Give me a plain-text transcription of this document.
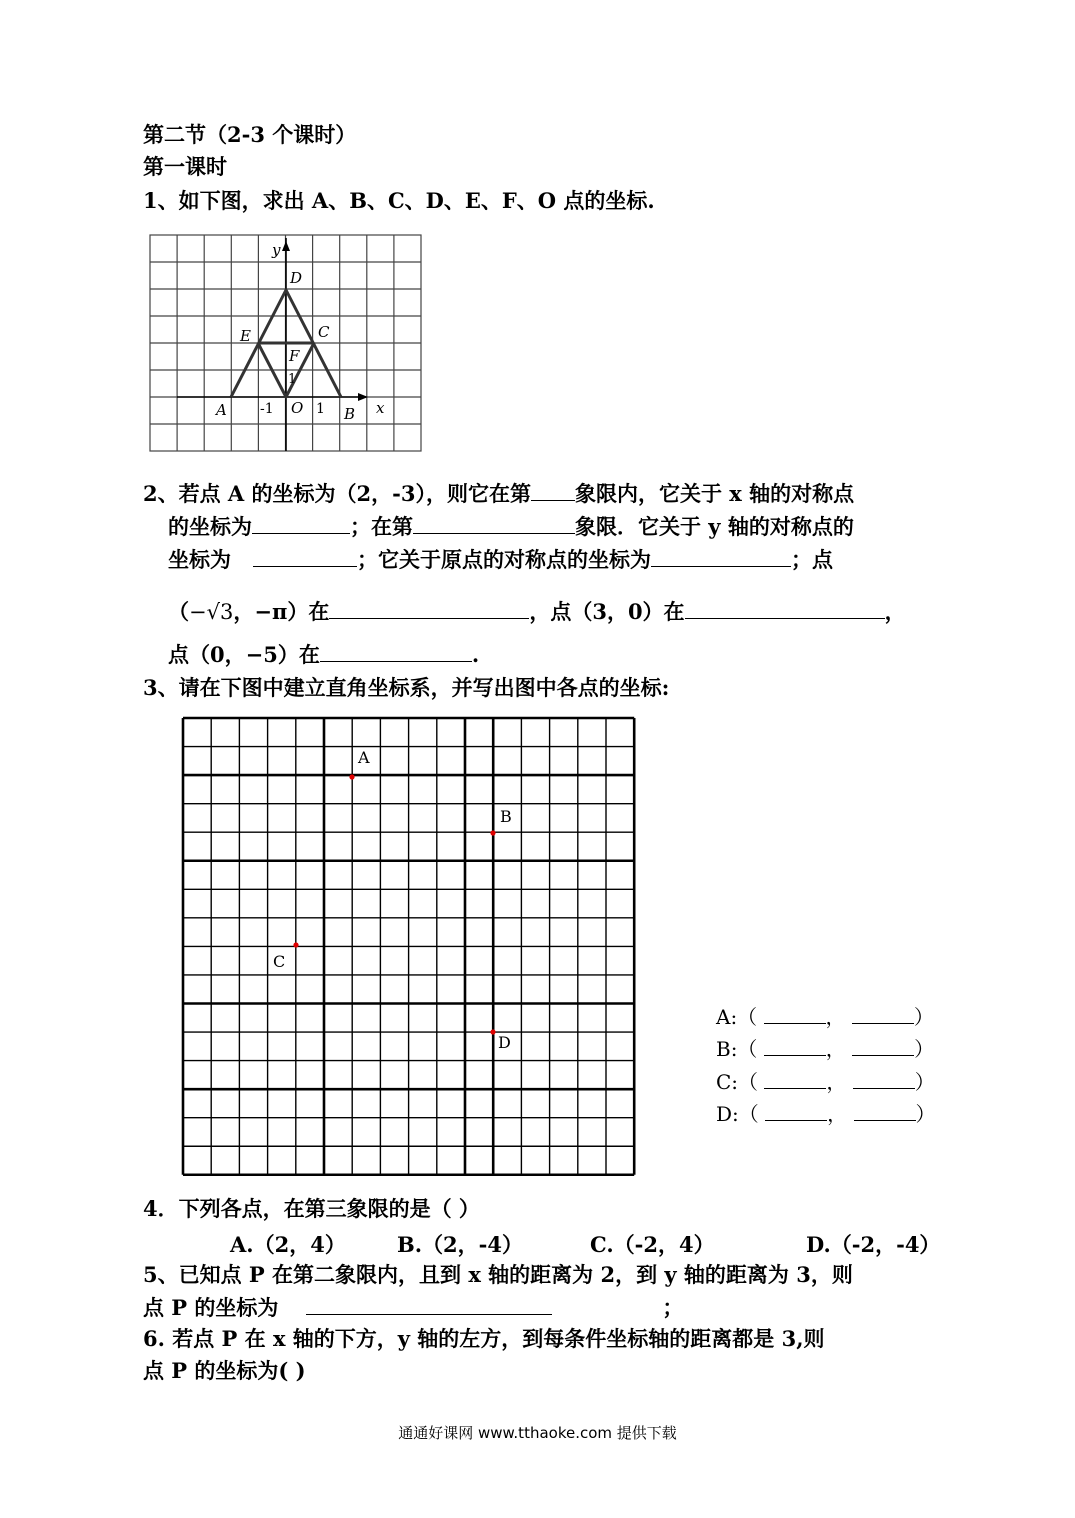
第二节（2-3 个课时）
第一课时
1、如下图，求出 A、B、C、D、E、F、O 点的坐标.
y
D
E	C
F
1
A -1 O 1 B x
2、若点 A 的坐标为（2，-3），则它在第 象限内，它关于 x 轴的对称点
的坐标为	；在第	象限．它关于 y 轴的对称点的
坐标为	；它关于原点的对称点的坐标为	；点
（−√3，−π）在	，点（3，0）在	，
点（0，−5）在	.
3、请在下图中建立直角坐标系，并写出图中各点的坐标:
A
B
C
D
A:（	，	）
B:（	，	）
C:（	，	）
D:（	，	）
4．下列各点，在第三象限的是（ ）
A.（2，4） B.（2，-4）	C.（-2，4）	D.（-2，-4）
5、已知点 P 在第二象限内，且到 x 轴的距离为 2，到 y 轴的距离为 3，则
点 P 的坐标为	；
6. 若点 P 在 x 轴的下方，y 轴的左方，到每条件坐标轴的距离都是 3,则
点 P 的坐标为( )
通通好课网 www.tthaoke.com 提供下载
